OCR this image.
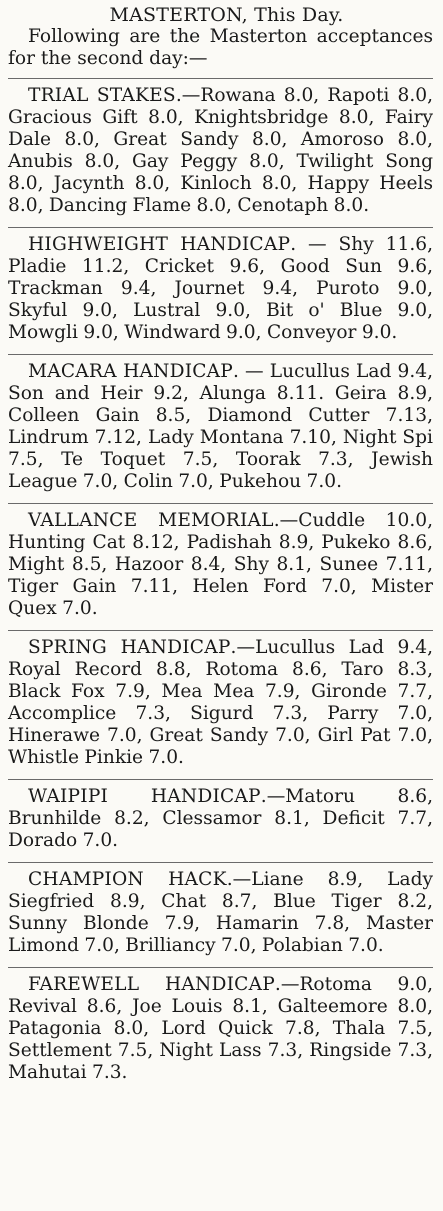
MASTERTON, This Day.

Following are the Masterton acceptances for the second day:—

TRIAL STAKES.—Rowana 8.0, Rapoti 8.0, Gracious Gift 8.0, Knightsbridge 8.0, Fairy Dale 8.0, Great Sandy 8.0, Amoroso 8.0, Anubis 8.0, Gay Peggy 8.0, Twilight Song 8.0, Jacynth 8.0, Kinloch 8.0, Happy Heels 8.0, Dancing Flame 8.0, Cenotaph 8.0.

HIGHWEIGHT HANDICAP. — Shy 11.6, Pladie 11.2, Cricket 9.6, Good Sun 9.6, Trackman 9.4, Journet 9.4, Puroto 9.0, Skyful 9.0, Lustral 9.0, Bit o' Blue 9.0, Mowgli 9.0, Windward 9.0, Conveyor 9.0.

MACARA HANDICAP. — Lucullus Lad 9.4, Son and Heir 9.2, Alunga 8.11. Geira 8.9, Colleen Gain 8.5, Diamond Cutter 7.13, Lindrum 7.12, Lady Montana 7.10, Night Spi 7.5, Te Toquet 7.5, Toorak 7.3, Jewish League 7.0, Colin 7.0, Pukehou 7.0.

VALLANCE MEMORIAL.—Cuddle 10.0, Hunting Cat 8.12, Padishah 8.9, Pukeko 8.6, Might 8.5, Hazoor 8.4, Shy 8.1, Sunee 7.11, Tiger Gain 7.11, Helen Ford 7.0, Mister Quex 7.0.

SPRING HANDICAP.—Lucullus Lad 9.4, Royal Record 8.8, Rotoma 8.6, Taro 8.3, Black Fox 7.9, Mea Mea 7.9, Gironde 7.7, Accomplice 7.3, Sigurd 7.3, Parry 7.0, Hinerawe 7.0, Great Sandy 7.0, Girl Pat 7.0, Whistle Pinkie 7.0.

WAIPIPI HANDICAP.—Matoru 8.6, Brunhilde 8.2, Clessamor 8.1, Deficit 7.7, Dorado 7.0.

CHAMPION HACK.—Liane 8.9, Lady Siegfried 8.9, Chat 8.7, Blue Tiger 8.2, Sunny Blonde 7.9, Hamarin 7.8, Master Limond 7.0, Brilliancy 7.0, Polabian 7.0.

FAREWELL HANDICAP.—Rotoma 9.0, Revival 8.6, Joe Louis 8.1, Galteemore 8.0, Patagonia 8.0, Lord Quick 7.8, Thala 7.5, Settlement 7.5, Night Lass 7.3, Ringside 7.3, Mahutai 7.3.
